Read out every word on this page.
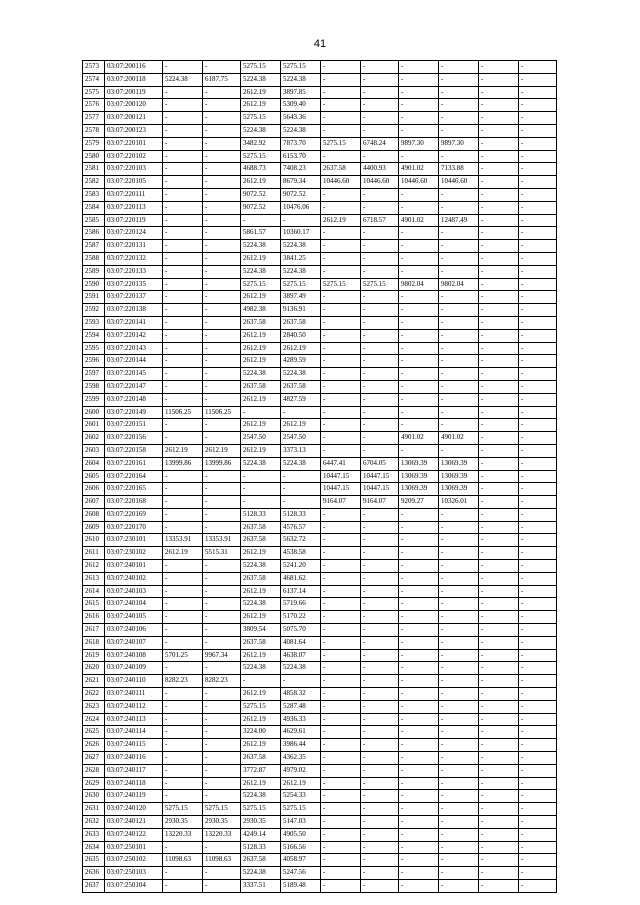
41
2573	03:07:200116	-	-	5275.15	5275.15	-	-	-	-	-	-
2574	03:07:200118	5224.38	6187.75	5224.38	5224.38	-	-	-	-	-	-
2575	03:07:200119	-	-	2612.19	3897.85	-	-	-	-	-	-
2576	03:07:200120	-	-	2612.19	5309.40	-	-	-	-	-	-
2577	03:07:200121	-	-	5275.15	5643.36	-	-	-	-	-	-
2578	03:07:200123	-	-	5224.38	5224.38	-	-	-	-	-	-
2579	03:07:220101	-	-	3482.92	7873.70	5275.15	6748.24	9897.30	9897.30	-	-
2580	03:07:220102	-	-	5275.15	6153.70	-	-	-	-	-	-
2581	03:07:220103	-	-	4688.73	7408.23	2637.58	4400.93	4901.02	7133.88	-	-
2582	03:07:220105	-	-	2612.19	8679.34	10446.60	10446.60	10446.60	10446.60	-	-
2583	03:07:220111	-	-	9072.52	9072.52	-	-	-	-	-	-
2584	03:07:220113	-	-	9072.52	10476.06	-	-	-	-	-	-
2585	03:07:220119	-	-	-	-	2612.19	6718.57	4901.02	12487.49	-	-
2586	03:07:220124	-	-	5861.57	10360.17	-	-	-	-	-	-
2587	03:07:220131	-	-	5224.38	5224.38	-	-	-	-	-	-
2588	03:07:220132	-	-	2612.19	3841.25	-	-	-	-	-	-
2589	03:07:220133	-	-	5224.38	5224.38	-	-	-	-	-	-
2590	03:07:220135	-	-	5275.15	5275.15	5275.15	5275.15	9802.04	9802.04	-	-
2591	03:07:220137	-	-	2612.19	3897.49	-	-	-	-	-	-
2592	03:07:220138	-	-	4982.38	9136.91	-	-	-	-	-	-
2593	03:07:220141	-	-	2637.58	2637.58	-	-	-	-	-	-
2594	03:07:220142	-	-	2612.19	2840.50	-	-	-	-	-	-
2595	03:07:220143	-	-	2612.19	2612.19	-	-	-	-	-	-
2596	03:07:220144	-	-	2612.19	4289.59	-	-	-	-	-	-
2597	03:07:220145	-	-	5224.38	5224.38	-	-	-	-	-	-
2598	03:07:220147	-	-	2637.58	2637.58	-	-	-	-	-	-
2599	03:07:220148	-	-	2612.19	4827.59	-	-	-	-	-	-
2600	03:07:220149	11506.25	11506.25	-	-	-	-	-	-	-	-
2601	03:07:220151	-	-	2612.19	2612.19	-	-	-	-	-	-
2602	03:07:220156	-	-	2547.50	2547.50	-	-	4901.02	4901.02	-	-
2603	03:07:220158	2612.19	2612.19	2612.19	3373.13	-	-	-	-	-	-
2604	03:07:220161	13999.86	13999.86	5224.38	5224.38	6447.41	6704.05	13069.39	13069.39	-	-
2605	03:07:220164	-	-	-	-	10447.15	10447.15	13069.39	13069.39	-	-
2606	03:07:220165	-	-	-	-	10447.15	10447.15	13069.39	13069.39	-	-
2607	03:07:220168	-	-	-	-	9164.07	9164.07	9209.27	10326.01	-	-
2608	03:07:220169	-	-	5128.33	5128.33	-	-	-	-	-	-
2609	03:07:220170	-	-	2637.58	4576.57	-	-	-	-	-	-
2610	03:07:230101	13353.91	13353.91	2637.58	5632.72	-	-	-	-	-	-
2611	03:07:230102	2612.19	5515.31	2612.19	4538.58	-	-	-	-	-	-
2612	03:07:240101	-	-	5224.38	5241.20	-	-	-	-	-	-
2613	03:07:240102	-	-	2637.58	4681.62	-	-	-	-	-	-
2614	03:07:240103	-	-	2612.19	6137.14	-	-	-	-	-	-
2615	03:07:240104	-	-	5224.38	5719.66	-	-	-	-	-	-
2616	03:07:240105	-	-	2612.19	5170.22	-	-	-	-	-	-
2617	03:07:240106	-	-	3809.54	5075.70	-	-	-	-	-	-
2618	03:07:240107	-	-	2637.58	4081.64	-	-	-	-	-	-
2619	03:07:240108	5701.25	9967.34	2612.19	4638.07	-	-	-	-	-	-
2620	03:07:240109	-	-	5224.38	5224.38	-	-	-	-	-	-
2621	03:07:240110	8282.23	8282.23	-	-	-	-	-	-	-	-
2622	03:07:240111	-	-	2612.19	4858.32	-	-	-	-	-	-
2623	03:07:240112	-	-	5275.15	5287.48	-	-	-	-	-	-
2624	03:07:240113	-	-	2612.19	4936.33	-	-	-	-	-	-
2625	03:07:240114	-	-	3224.00	4629.61	-	-	-	-	-	-
2626	03:07:240115	-	-	2612.19	3986.44	-	-	-	-	-	-
2627	03:07:240116	-	-	2637.58	4362.35	-	-	-	-	-	-
2628	03:07:240117	-	-	3772.87	4979.02	-	-	-	-	-	-
2629	03:07:240118	-	-	2612.19	2612.19	-	-	-	-	-	-
2630	03:07:240119	-	-	5224.38	5254.33	-	-	-	-	-	-
2631	03:07:240120	5275.15	5275.15	5275.15	5275.15	-	-	-	-	-	-
2632	03:07:240121	2930.35	2930.35	2930.35	5147.03	-	-	-	-	-	-
2633	03:07:240122	13220.33	13220.33	4249.14	4905.50	-	-	-	-	-	-
2634	03:07:250101	-	-	5128.33	5166.56	-	-	-	-	-	-
2635	03:07:250102	11098.63	11098.63	2637.58	4058.97	-	-	-	-	-	-
2636	03:07:250103	-	-	5224.38	5247.56	-	-	-	-	-	-
2637	03:07:250104	-	-	3337.51	5189.48	-	-	-	-	-	-
